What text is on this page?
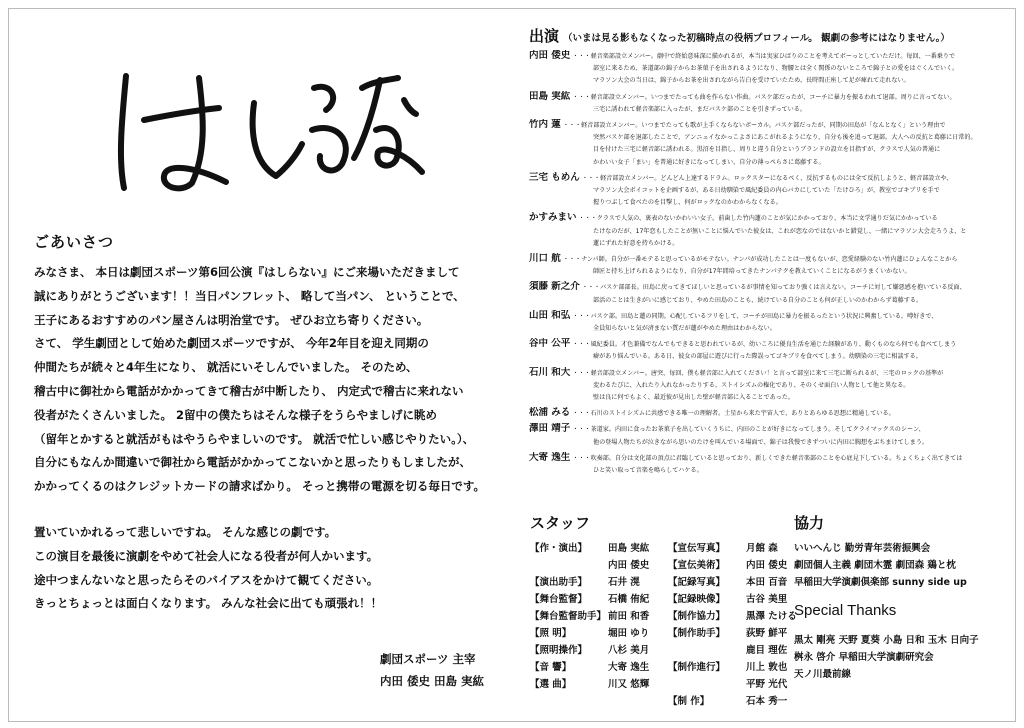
ごあいさつ
みなさま、 本日は劇団スポーツ第6回公演『はしらない』にご来場いただきまして
誠にありがとうございます！！当日パンフレット、 略して当パン、 ということで、
王子にあるおすすめのパン屋さんは明治堂です。 ぜひお立ち寄りください。
さて、 学生劇団として始めた劇団スポーツですが、 今年2年目を迎え同期の
仲間たちが続々と4年生になり、 就活にいそしんでいました。 そのため、
稽古中に御社から電話がかかってきて稽古が中断したり、 内定式で稽古に来れない
役者がたくさんいました。 2留中の僕たちはそんな様子をうらやましげに眺め
（留年とかすると就活がもはやうらやましいのです。 就活で忙しい感じやりたい。）、
自分にもなんか間違いで御社から電話がかかってこないかと思ったりもしましたが、
かかってくるのはクレジットカードの請求ばかり。 そっと携帯の電源を切る毎日です。
置いていかれるって悲しいですね。 そんな感じの劇です。
この演目を最後に演劇をやめて社会人になる役者が何人かいます。
途中つまんないなと思ったらそのバイアスをかけて観てください。
きっとちょっとは面白くなります。 みんな社会に出ても頑張れ！！
劇団スポーツ 主宰
内田 倭史 田島 実紘
出演 （いまは見る影もなくなった初稿時点の役柄プロフィール。 観劇の参考にはなりません。）
内田 倭史 ・・・軽音楽部設立メンバー。劇中で終始意味深に描かれるが、本当は実家ひばりのことを考えてボーっとしていただけ。毎回、一番乗りで
部室に来るため、茶道部の錦子からお茶菓子を出されるようになり、物腰とは全く関係のないところで錦子との愛をはぐくんでいく。
マラソン大会の当日は、錦子からお茶を出されながら告白を受けていたため、長時間正座して足が痺れて走れない。
田島 実紘 ・・・軽音部設立メンバー。いつまでたっても曲を作らない作曲。バスケ部だったが、コーチに暴力を振るわれて退部。周りに言ってない。
三宅に誘われて軽音楽部に入ったが、まだバスケ部のことを引きずっている。
竹内 蓮 ・・・軽音部設立メンバー。いつまでたっても歌が上手くならないボーカル。バスケ部だったが、同期の田島が「なんとなく」という理由で
突然バスケ部を退部したことで、アンニュイなかっこよさにあこがれるようになり、自分も後を追って退部。大人への反抗と葛藤に日常的。
目を付けた三宅に軽音部に誘われる。黒沼を目指し、周りと違う自分というブランドの設立を目指すが、クラスで人気の普通に
かわいい女子「まい」を普通に好きになってしまい、自分の薄っぺらさに葛藤する。
三宅 もめん ・・・軽音部設立メンバー。どんどん上達するドラム。ロックスターになるべく、反抗するものには全て反抗しようと、軽音部設立や、
マラソン大会ボイコットを企画するが、ある日幼馴染で風紀委員の内心バカにしていた「たけひろ」が、教室でゴキブリを手で
握りつぶして食べたのを目撃し、何がロックなのかわからなくなる。
かすみまい ・・・クラスで人気の、裏表のないかわいい女子。前歯した竹内蓮のことが気にかかっており、本当に文学通りだ気にかかっている
たけなのだが、17年恋もしたことが無いことに悩んでいた彼女は、これが恋なのではないかと錯覚し、一緒にマラソン大会走ろうよ、と
蓮にずれた好意を持ちかける。
川口 航 ・・・ナンパ師。自分が一番モテると思っているがモテない。ナンパが成功したことは一度もないが、恋愛経験のない竹内蓮にひょんなことから
師匠と持ち上げられるようになり、自分が17年間培ってきたナンパテクを教えていくことになるがうまくいかない。
須藤 新之介 ・・・バスケ部部長。田島に戻ってきてほしいと思っているが事情を知っており強くは言えない。コーチに対して嫌悪感を抱いている反面、
部活のことは生きがいに感じており、やめた田島のことも、続けている自分のことも何が正しいのかわからず葛藤する。
山田 和弘 ・・・バスケ部。田島と蓮の同期。心配しているフリをして、コーチが田島に暴力を振るったという状況に興奮している。噂好きで、
全員知らないと気が済まない質だが蓮がやめた理由はわからない。
谷中 公平 ・・・風紀委員。才色兼備でなんでもできると思われているが、幼いころに優良生活を通じた経験があり、動くものなら何でも食べてしまう
癖があり悩んでいる。ある日、彼女の部屋に遊びに行った際誤ってゴキブリを食べてしまう。幼馴染の三宅に相談する。
石川 和大 ・・・軽音部設立メンバー。唐突、毎回、僕も軽音部に入れてください！と言って部室に来て三宅に断られるが、三宅のロックの基準が
変わるたびに、入れたり入れなかったりする。ストイシズムの権化であり、そのくせ面白い人物として他と異なる。
壁は良に何でもよく、最近彼が見出した壁が軽音部に入ることであった。
松浦 みる ・・・石川のストイシズムに共感できる唯一の理解者。土星から来た宇宙人で、ありとあらゆる思想に精通している。
澤田 靖子 ・・・茶道家。内田に食ったお茶菓子を出していくうちに、内田のことが好きになってしまう。そしてクライマックスのシーン、
他の登場人物たちが泣きながら思いのたけを叫んでいる場面で、錦子は我慢できずついに内田に胸想をぶちまけてしまう。
大寄 逸生 ・・・吹奏部。自分は文化部の頂点に君臨していると思っており、新しくできた軽音楽部のことを心底見下している。ちょくちょく出てきては
ひと笑い取って音楽を鳴らしてハケる。
スタッフ
【作・演出】	田島 実紘
内田 倭史
【演出助手】	石井 滉
【舞台監督】	石橋 侑紀
【舞台監督助手】 前田 和香
【照 明】	堀田 ゆり
【照明操作】	八杉 美月
【音 響】	大寄 逸生
【選 曲】	川又 悠輝
【宣伝写真】	月館 森
【宣伝美術】	内田 倭史
【記録写真】	本田 百音
【記録映像】	古谷 美里
【制作協力】	黒澤 たける
【制作助手】	荻野 鮮平
鹿目 理佐
【制作進行】	川上 敦也
平野 光代
【制 作】	石本 秀一
協力
いいへんじ 勤労青年芸術振興会
劇団個人主義 劇団木霊 劇団森 鶏と枕
早稲田大学演劇倶楽部 sunny side up
Special Thanks
黒太 剛亮 天野 夏葵 小島 日和 玉木 日向子
桝永 啓介 早稲田大学演劇研究会
天ノ川最前線
